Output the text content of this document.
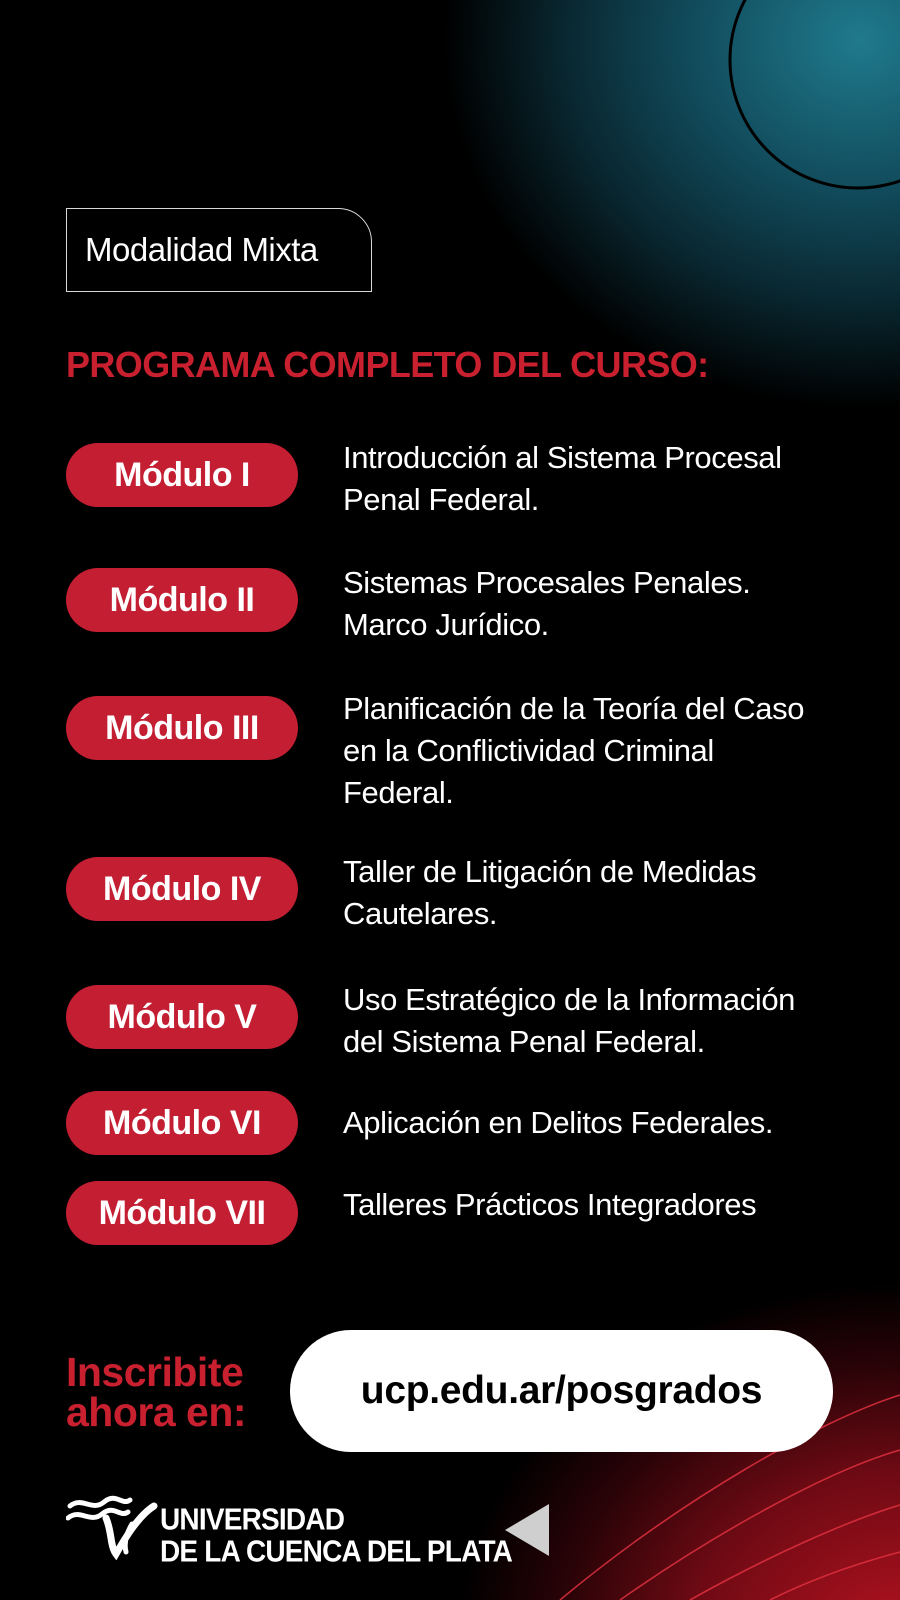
Modalidad Mixta
PROGRAMA COMPLETO DEL CURSO:
Módulo I	Introducción al Sistema Procesal
Penal Federal.

Módulo II	Sistemas Procesales Penales.
Marco Jurídico.

Módulo III	Planificación de la Teoría del Caso
en la Conflictividad Criminal
Federal.

Módulo IV	Taller de Litigación de Medidas
Cautelares.

Módulo V	Uso Estratégico de la Información
del Sistema Penal Federal.

Módulo VI	Aplicación en Delitos Federales.

Módulo VII	Talleres Prácticos Integradores

Inscribite
ahora en:	ucp.edu.ar/posgrados
UNIVERSIDAD
DE LA CUENCA DEL PLATA
